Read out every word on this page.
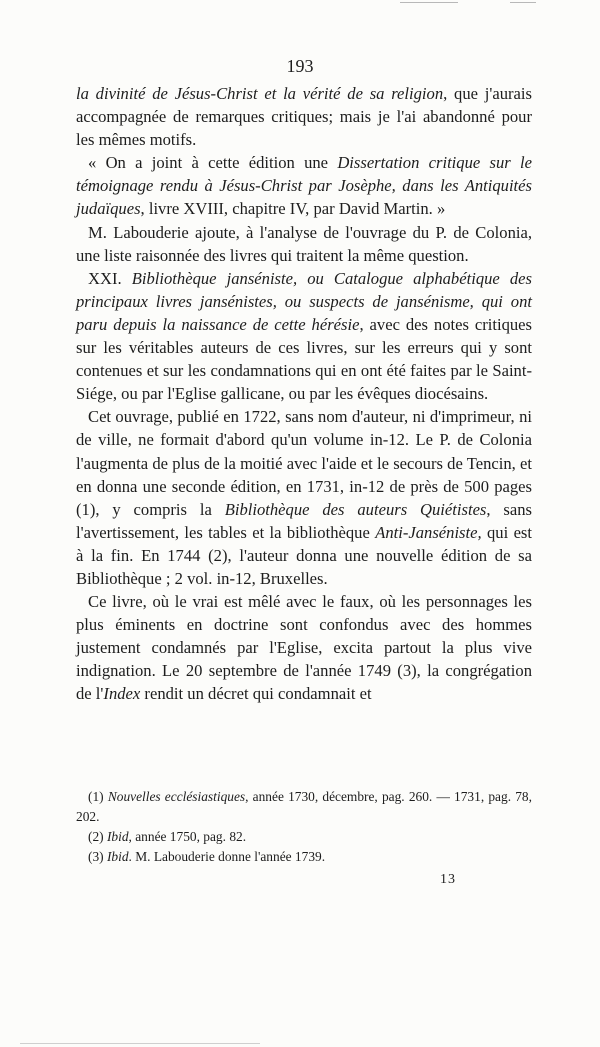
193

la divinité de Jésus-Christ et la vérité de sa religion, que j'aurais accompagnée de remarques critiques; mais je l'ai abandonné pour les mêmes motifs.

« On a joint à cette édition une Dissertation critique sur le témoignage rendu à Jésus-Christ par Josèphe, dans les Antiquités judaïques, livre XVIII, chapitre IV, par David Martin. »

M. Labouderie ajoute, à l'analyse de l'ouvrage du P. de Colonia, une liste raisonnée des livres qui traitent la même question.

XXI. Bibliothèque janséniste, ou Catalogue alphabétique des principaux livres jansénistes, ou suspects de jansénisme, qui ont paru depuis la naissance de cette hérésie, avec des notes critiques sur les véritables auteurs de ces livres, sur les erreurs qui y sont contenues et sur les condamnations qui en ont été faites par le Saint-Siége, ou par l'Eglise gallicane, ou par les évêques diocésains.

Cet ouvrage, publié en 1722, sans nom d'auteur, ni d'imprimeur, ni de ville, ne formait d'abord qu'un volume in-12. Le P. de Colonia l'augmenta de plus de la moitié avec l'aide et le secours de Tencin, et en donna une seconde édition, en 1731, in-12 de près de 500 pages (1), y compris la Bibliothèque des auteurs Quiétistes, sans l'avertissement, les tables et la bibliothèque Anti-Janséniste, qui est à la fin. En 1744 (2), l'auteur donna une nouvelle édition de sa Bibliothèque ; 2 vol. in-12, Bruxelles.

Ce livre, où le vrai est mêlé avec le faux, où les personnages les plus éminents en doctrine sont confondus avec des hommes justement condamnés par l'Eglise, excita partout la plus vive indignation. Le 20 septembre de l'année 1749 (3), la congrégation de l'Index rendit un décret qui condamnait et

(1) Nouvelles ecclésiastiques, année 1730, décembre, pag. 260. — 1731, pag. 78, 202.

(2) Ibid, année 1750, pag. 82.

(3) Ibid. M. Labouderie donne l'année 1739.

13
